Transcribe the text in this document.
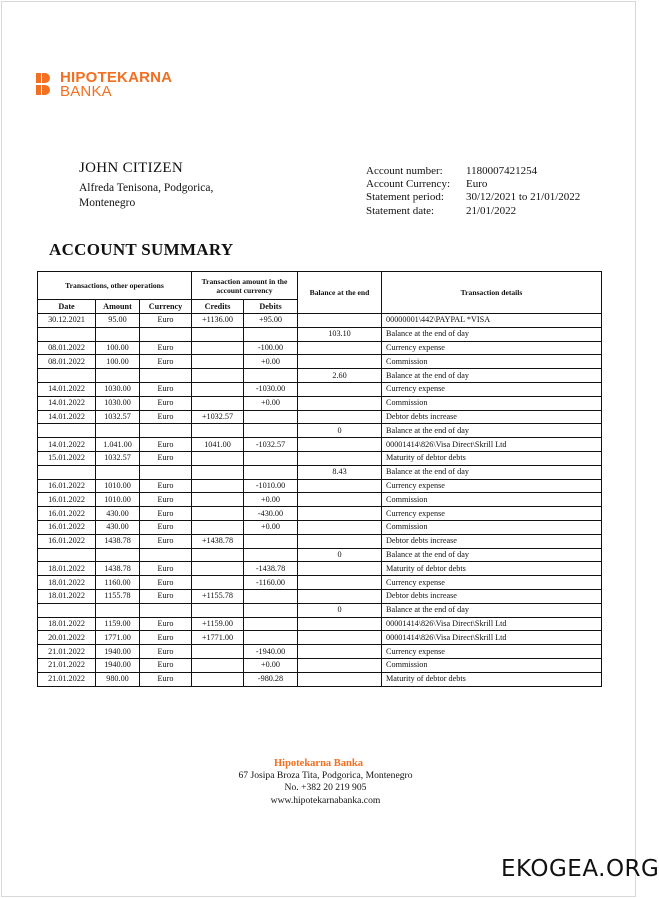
HIPOTEKARNA
BANKA
JOHN CITIZEN
Alfreda Tenisona, Podgorica,
Montenegro
Account number:	1180007421254
Account Currency:	Euro
Statement period:	30/12/2021 to 21/01/2022
Statement date:	21/01/2022
ACCOUNT SUMMARY
Transactions, other operations			Transaction amount in the account currency		Balance at the end	Transaction details
Date	Amount	Currency	Credits	Debits		
30.12.2021	95.00	Euro	+1136.00	+95.00		00000001\442\PAYPAL *VISA
					103.10	Balance at the end of day
08.01.2022	100.00	Euro		-100.00		Currency expense
08.01.2022	100.00	Euro		+0.00		Commission
					2.60	Balance at the end of day
14.01.2022	1030.00	Euro		-1030.00		Currency expense
14.01.2022	1030.00	Euro		+0.00		Commission
14.01.2022	1032.57	Euro	+1032.57			Debtor debts increase
					0	Balance at the end of day
14.01.2022	1.041.00	Euro	1041.00	-1032.57		00001414\826\Visa Direct\Skrill Ltd
15.01.2022	1032.57	Euro				Maturity of debtor debts
					8.43	Balance at the end of day
16.01.2022	1010.00	Euro		-1010.00		Currency expense
16.01.2022	1010.00	Euro		+0.00		Commission
16.01.2022	430.00	Euro		-430.00		Currency expense
16.01.2022	430.00	Euro		+0.00		Commission
16.01.2022	1438.78	Euro	+1438.78			Debtor debts increase
					0	Balance at the end of day
18.01.2022	1438.78	Euro		-1438.78		Maturity of debtor debts
18.01.2022	1160.00	Euro		-1160.00		Currency expense
18.01.2022	1155.78	Euro	+1155.78			Debtor debts increase
					0	Balance at the end of day
18.01.2022	1159.00	Euro	+1159.00			00001414\826\Visa Direct\Skrill Ltd
20.01.2022	1771.00	Euro	+1771.00			00001414\826\Visa Direct\Skrill Ltd
21.01.2022	1940.00	Euro		-1940.00		Currency expense
21.01.2022	1940.00	Euro		+0.00		Commission
21.01.2022	980.00	Euro		-980.28		Maturity of debtor debts
Hipotekarna Banka
67 Josipa Broza Tita, Podgorica, Montenegro
No. +382 20 219 905
www.hipotekarnabanka.com
EKOGEA.ORG
